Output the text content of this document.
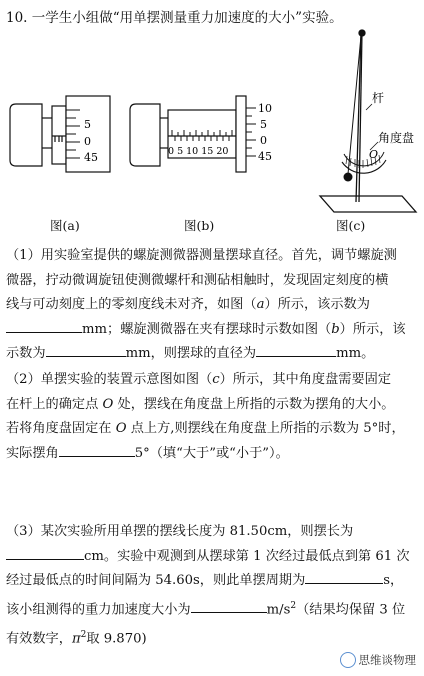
10. 一学生小组做“用单摆测量重力加速度的大小”实验。
5
0
45	0 5 10 15 20
10
5
0
45
杆
角度盘
O
图(a)	图(b)	图(c)
（1）用实验室提供的螺旋测微器测量摆球直径。首先，调节螺旋测
微器，拧动微调旋钮使测微螺杆和测砧相触时，发现固定刻度的横
线与可动刻度上的零刻度线未对齐，如图（a）所示，该示数为
mm；螺旋测微器在夹有摆球时示数如图（b）所示，该
示数为	mm，则摆球的直径为	mm。
（2）单摆实验的装置示意图如图（c）所示，其中角度盘需要固定
在杆上的确定点 O 处，摆线在角度盘上所指的示数为摆角的大小。
若将角度盘固定在 O 点上方,则摆线在角度盘上所指的示数为 5°时，
实际摆角	5°（填“大于”或“小于”）。
（3）某次实验所用单摆的摆线长度为 81.50cm，则摆长为
cm。实验中观测到从摆球第 1 次经过最低点到第 61 次
经过最低点的时间间隔为 54.60s，则此单摆周期为	s，
该小组测得的重力加速度大小为	$m/s^2$（结果均保留 3 位
有效数字，$\pi^2$取 9.870)
思维谈物理
